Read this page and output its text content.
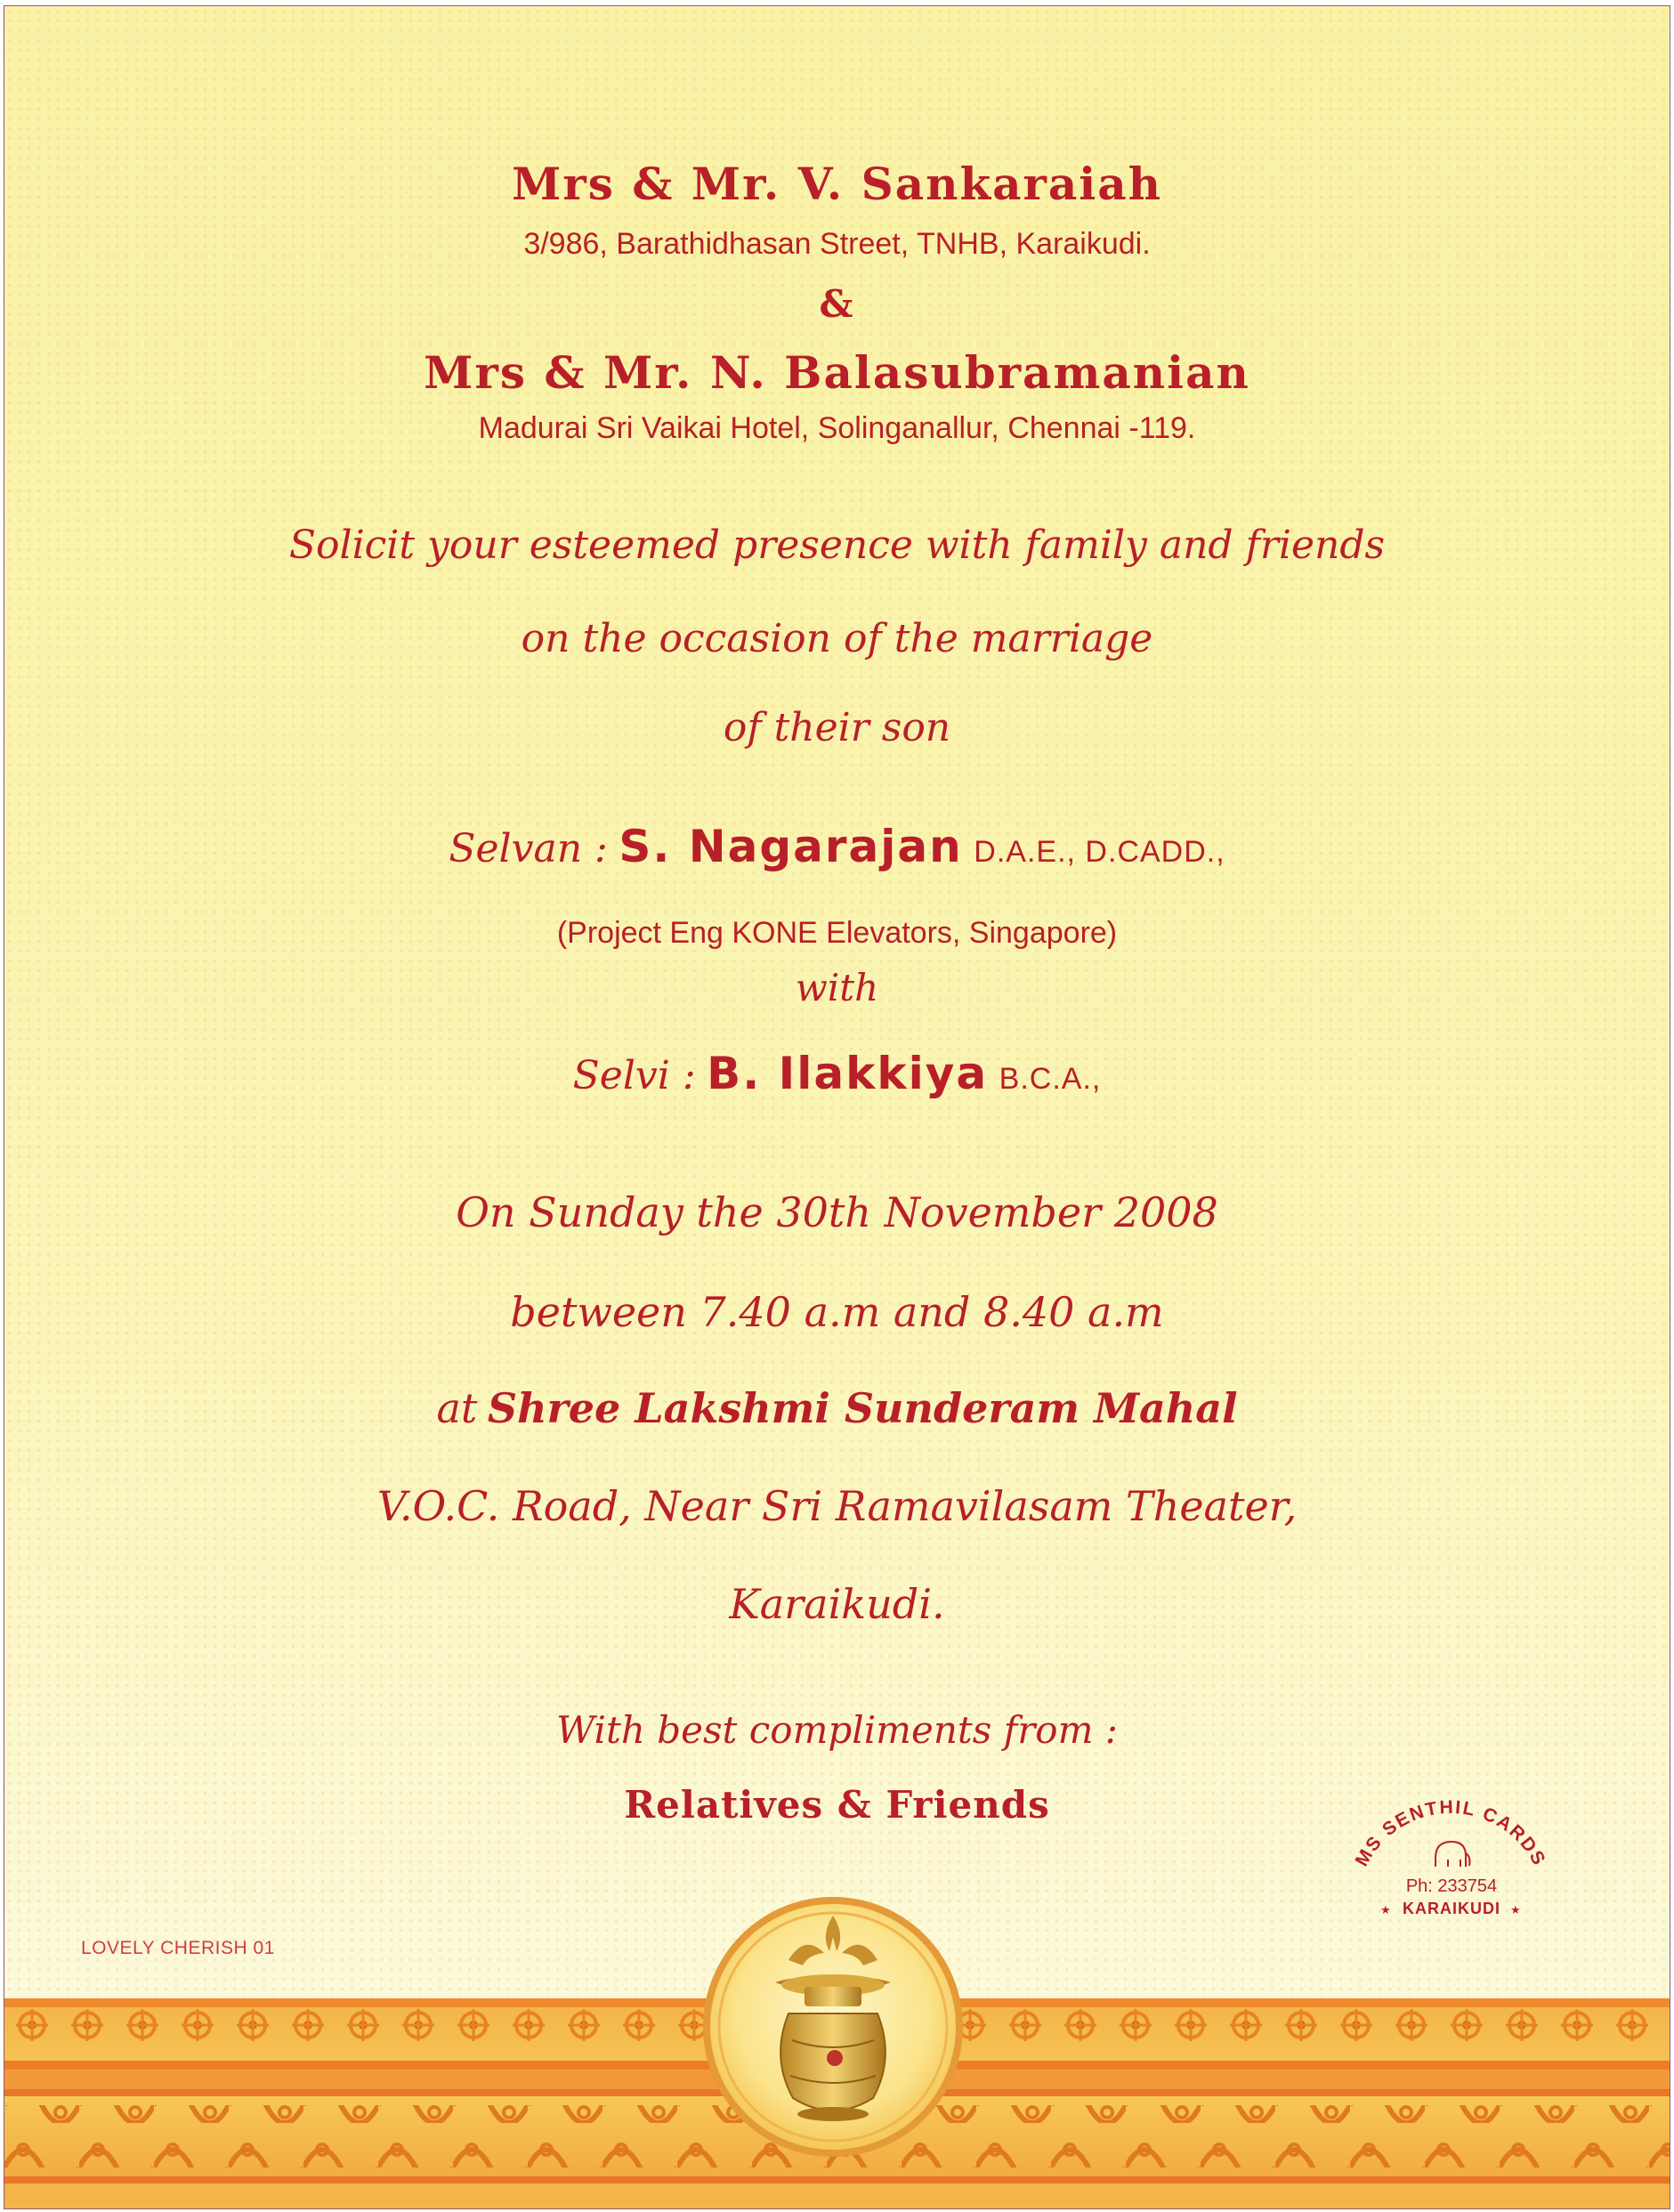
Mrs & Mr. V. Sankaraiah
3/986, Barathidhasan Street, TNHB, Karaikudi.
&
Mrs & Mr. N. Balasubramanian
Madurai Sri Vaikai Hotel, Solinganallur, Chennai -119.
Solicit your esteemed presence with family and friends
on the occasion of the marriage
of their son
Selvan : S. Nagarajan D.A.E., D.CADD.,
(Project Eng KONE Elevators, Singapore)
with
Selvi : B. Ilakkiya B.C.A.,
On Sunday the 30th November 2008
between 7.40 a.m and 8.40 a.m
at Shree Lakshmi Sunderam Mahal
V.O.C. Road, Near Sri Ramavilasam Theater,
Karaikudi.
With best compliments from :
Relatives & Friends
LOVELY CHERISH 01
MS SENTHIL CARDS
Ph: 233754
★ KARAIKUDI ★
